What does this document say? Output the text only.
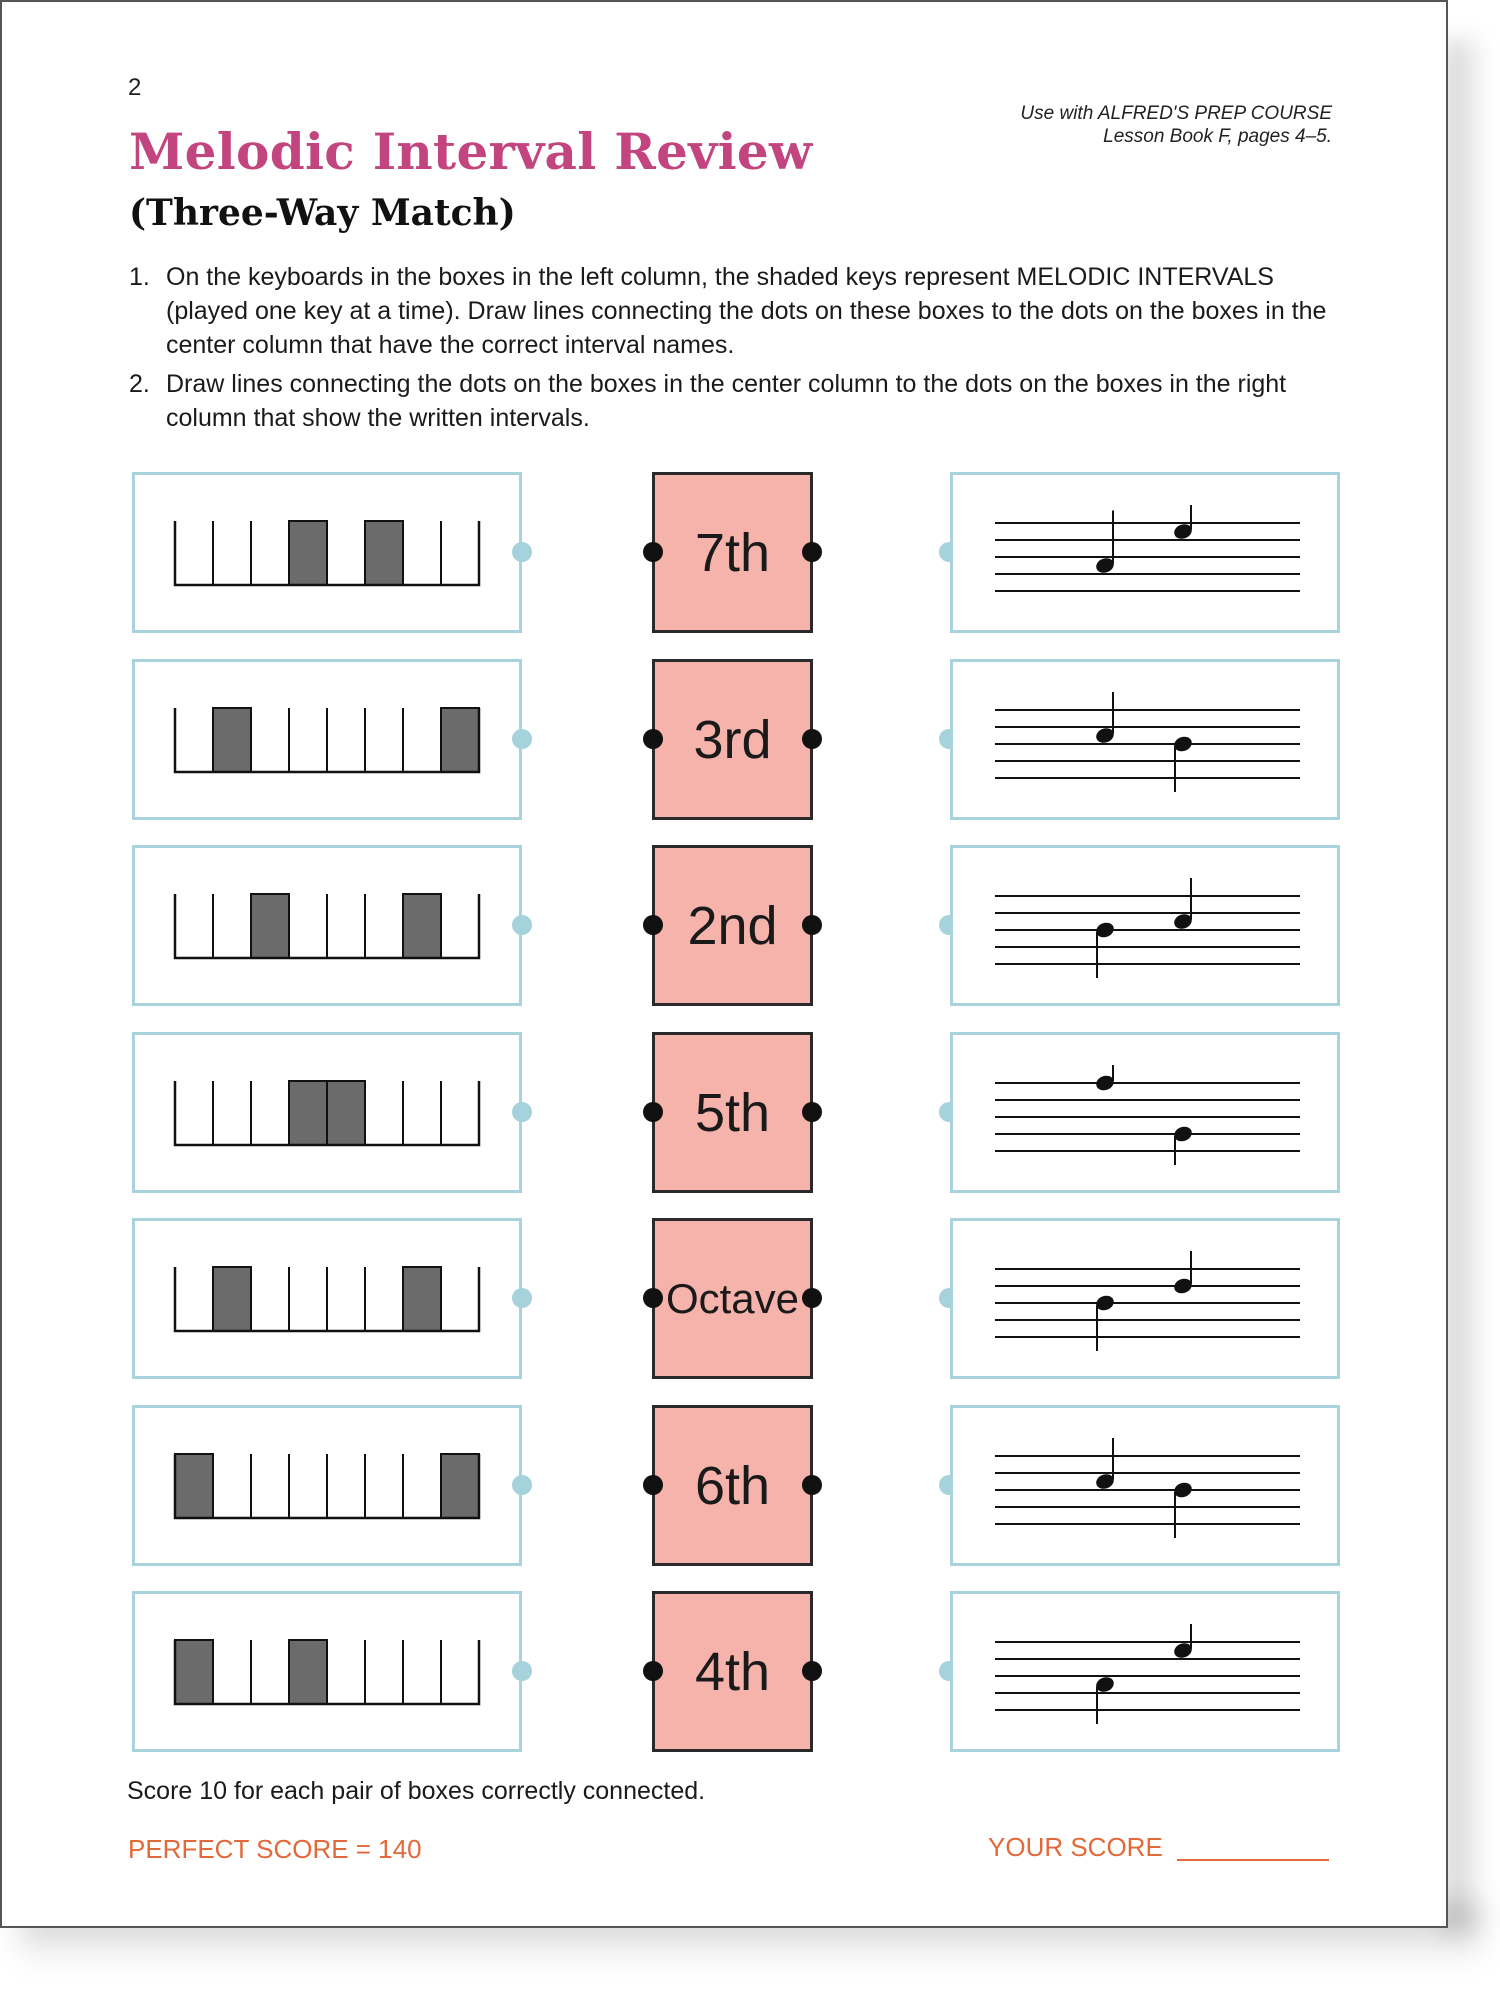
2
Melodic Interval Review
(Three-Way Match)
Use with ALFRED'S PREP COURSE
Lesson Book F, pages 4–5.
1. On the keyboards in the boxes in the left column, the shaded keys represent MELODIC INTERVALS (played one key at a time). Draw lines connecting the dots on these boxes to the dots on the boxes in the center column that have the correct interval names.
2. Draw lines connecting the dots on the boxes in the center column to the dots on the boxes in the right column that show the written intervals.
7th
3rd
2nd
5th
Octave
6th
4th
Score 10 for each pair of boxes correctly connected.
PERFECT SCORE = 140	YOUR SCORE
